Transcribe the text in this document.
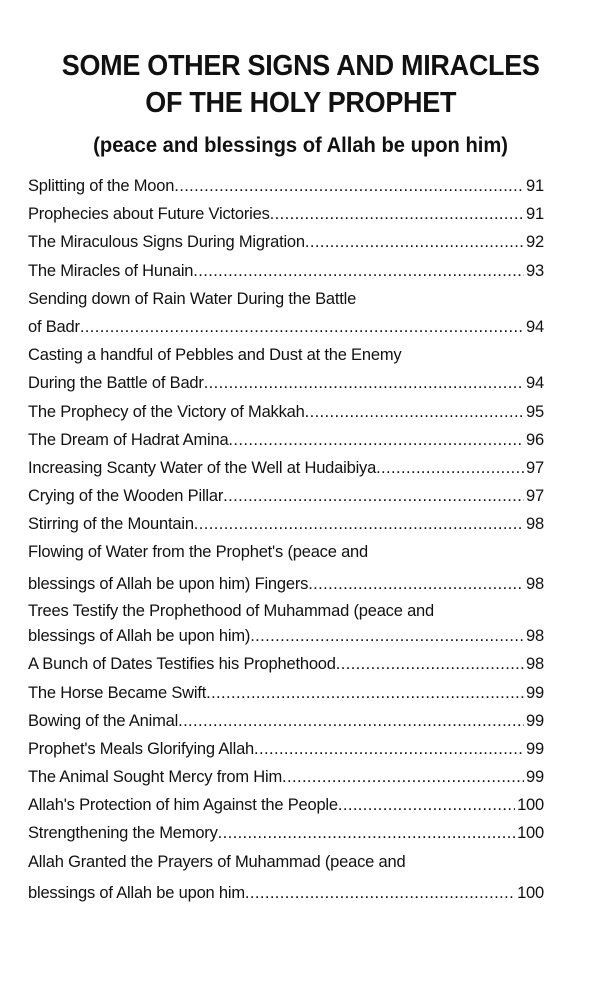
SOME OTHER SIGNS AND MIRACLES
OF THE HOLY PROPHET
(peace and blessings of Allah be upon him)
Splitting of the Moon .....	91
Prophecies about Future Victories .....	91
The Miraculous Signs During Migration .....	92
The Miracles of Hunain .....	93
Sending down of Rain Water During the Battle
of Badr .....	94
Casting a handful of Pebbles and Dust at the Enemy
During the Battle of Badr .....	94
The Prophecy of the Victory of Makkah .....	95
The Dream of Hadrat Amina .....	96
Increasing Scanty Water of the Well at Hudaibiya .....	97
Crying of the Wooden Pillar .....	97
Stirring of the Mountain .....	98
Flowing of Water from the Prophet's (peace and
blessings of Allah be upon him) Fingers .....	98
Trees Testify the Prophethood of Muhammad (peace and
blessings of Allah be upon him) .....	98
A Bunch of Dates Testifies his Prophethood .....	98
The Horse Became Swift .....	99
Bowing of the Animal .....	99
Prophet's Meals Glorifying Allah .....	99
The Animal Sought Mercy from Him .....	99
Allah's Protection of him Against the People .....	100
Strengthening the Memory .....	100
Allah Granted the Prayers of Muhammad (peace and
blessings of Allah be upon him .....	100
